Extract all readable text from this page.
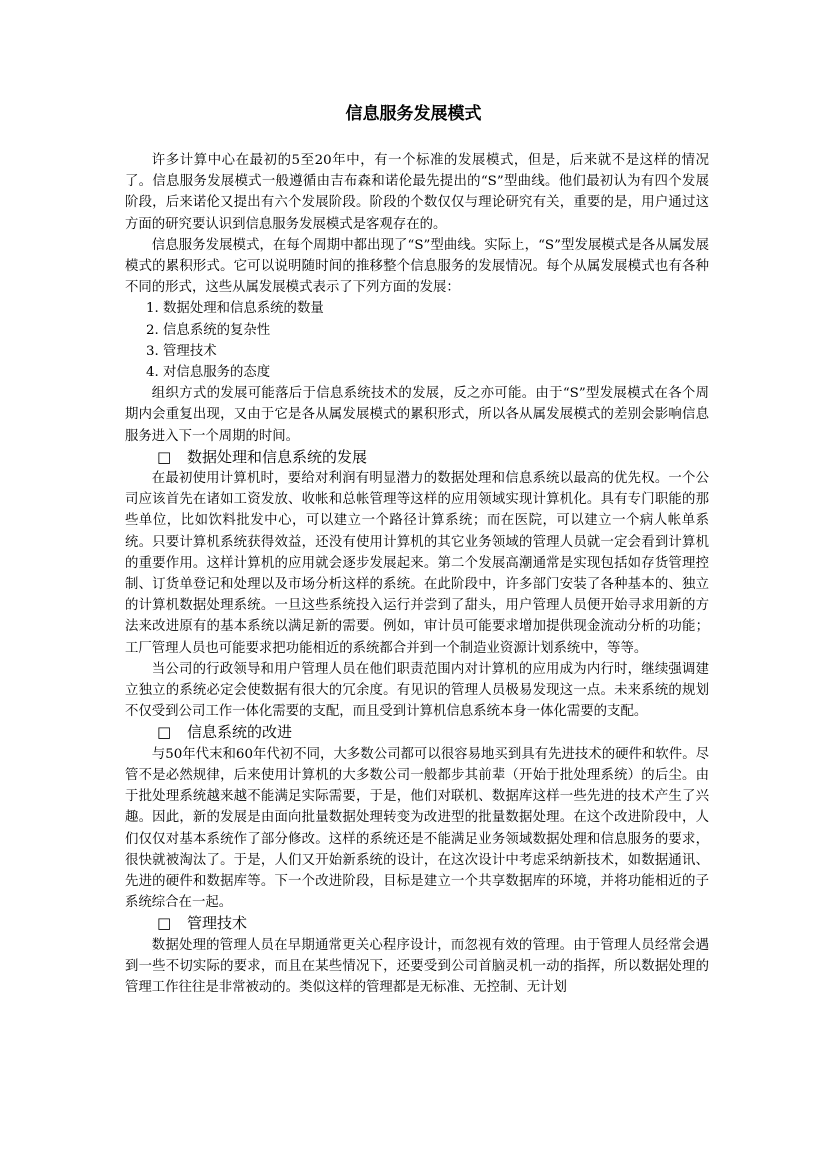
信息服务发展模式

许多计算中心在最初的5至20年中，有一个标准的发展模式，但是，后来就不是这样的情况了。信息服务发展模式一般遵循由吉布森和诺伦最先提出的“S”型曲线。他们最初认为有四个发展阶段，后来诺伦又提出有六个发展阶段。阶段的个数仅仅与理论研究有关，重要的是，用户通过这方面的研究要认识到信息服务发展模式是客观存在的。

信息服务发展模式，在每个周期中都出现了“S”型曲线。实际上，“S”型发展模式是各从属发展模式的累积形式。它可以说明随时间的推移整个信息服务的发展情况。每个从属发展模式也有各种不同的形式，这些从属发展模式表示了下列方面的发展：

1. 数据处理和信息系统的数量

2. 信息系统的复杂性

3. 管理技术

4. 对信息服务的态度

组织方式的发展可能落后于信息系统技术的发展，反之亦可能。由于“S”型发展模式在各个周期内会重复出现，又由于它是各从属发展模式的累积形式，所以各从属发展模式的差别会影响信息服务进入下一个周期的时间。

□ 数据处理和信息系统的发展

在最初使用计算机时，要给对利润有明显潜力的数据处理和信息系统以最高的优先权。一个公司应该首先在诸如工资发放、收帐和总帐管理等这样的应用领域实现计算机化。具有专门职能的那些单位，比如饮料批发中心，可以建立一个路径计算系统；而在医院，可以建立一个病人帐单系统。只要计算机系统获得效益，还没有使用计算机的其它业务领域的管理人员就一定会看到计算机的重要作用。这样计算机的应用就会逐步发展起来。第二个发展高潮通常是实现包括如存货管理控制、订货单登记和处理以及市场分析这样的系统。在此阶段中，许多部门安装了各种基本的、独立的计算机数据处理系统。一旦这些系统投入运行并尝到了甜头，用户管理人员便开始寻求用新的方法来改进原有的基本系统以满足新的需要。例如，审计员可能要求增加提供现金流动分析的功能；工厂管理人员也可能要求把功能相近的系统都合并到一个制造业资源计划系统中，等等。

当公司的行政领导和用户管理人员在他们职责范围内对计算机的应用成为内行时，继续强调建立独立的系统必定会使数据有很大的冗余度。有见识的管理人员极易发现这一点。未来系统的规划不仅受到公司工作一体化需要的支配，而且受到计算机信息系统本身一体化需要的支配。

□ 信息系统的改进

与50年代末和60年代初不同，大多数公司都可以很容易地买到具有先进技术的硬件和软件。尽管不是必然规律，后来使用计算机的大多数公司一般都步其前辈（开始于批处理系统）的后尘。由于批处理系统越来越不能满足实际需要，于是，他们对联机、数据库这样一些先进的技术产生了兴趣。因此，新的发展是由面向批量数据处理转变为改进型的批量数据处理。在这个改进阶段中，人们仅仅对基本系统作了部分修改。这样的系统还是不能满足业务领域数据处理和信息服务的要求，很快就被淘汰了。于是，人们又开始新系统的设计，在这次设计中考虑采纳新技术，如数据通讯、先进的硬件和数据库等。下一个改进阶段，目标是建立一个共享数据库的环境，并将功能相近的子系统综合在一起。

□ 管理技术

数据处理的管理人员在早期通常更关心程序设计，而忽视有效的管理。由于管理人员经常会遇到一些不切实际的要求，而且在某些情况下，还要受到公司首脑灵机一动的指挥，所以数据处理的管理工作往往是非常被动的。类似这样的管理都是无标准、无控制、无计划
